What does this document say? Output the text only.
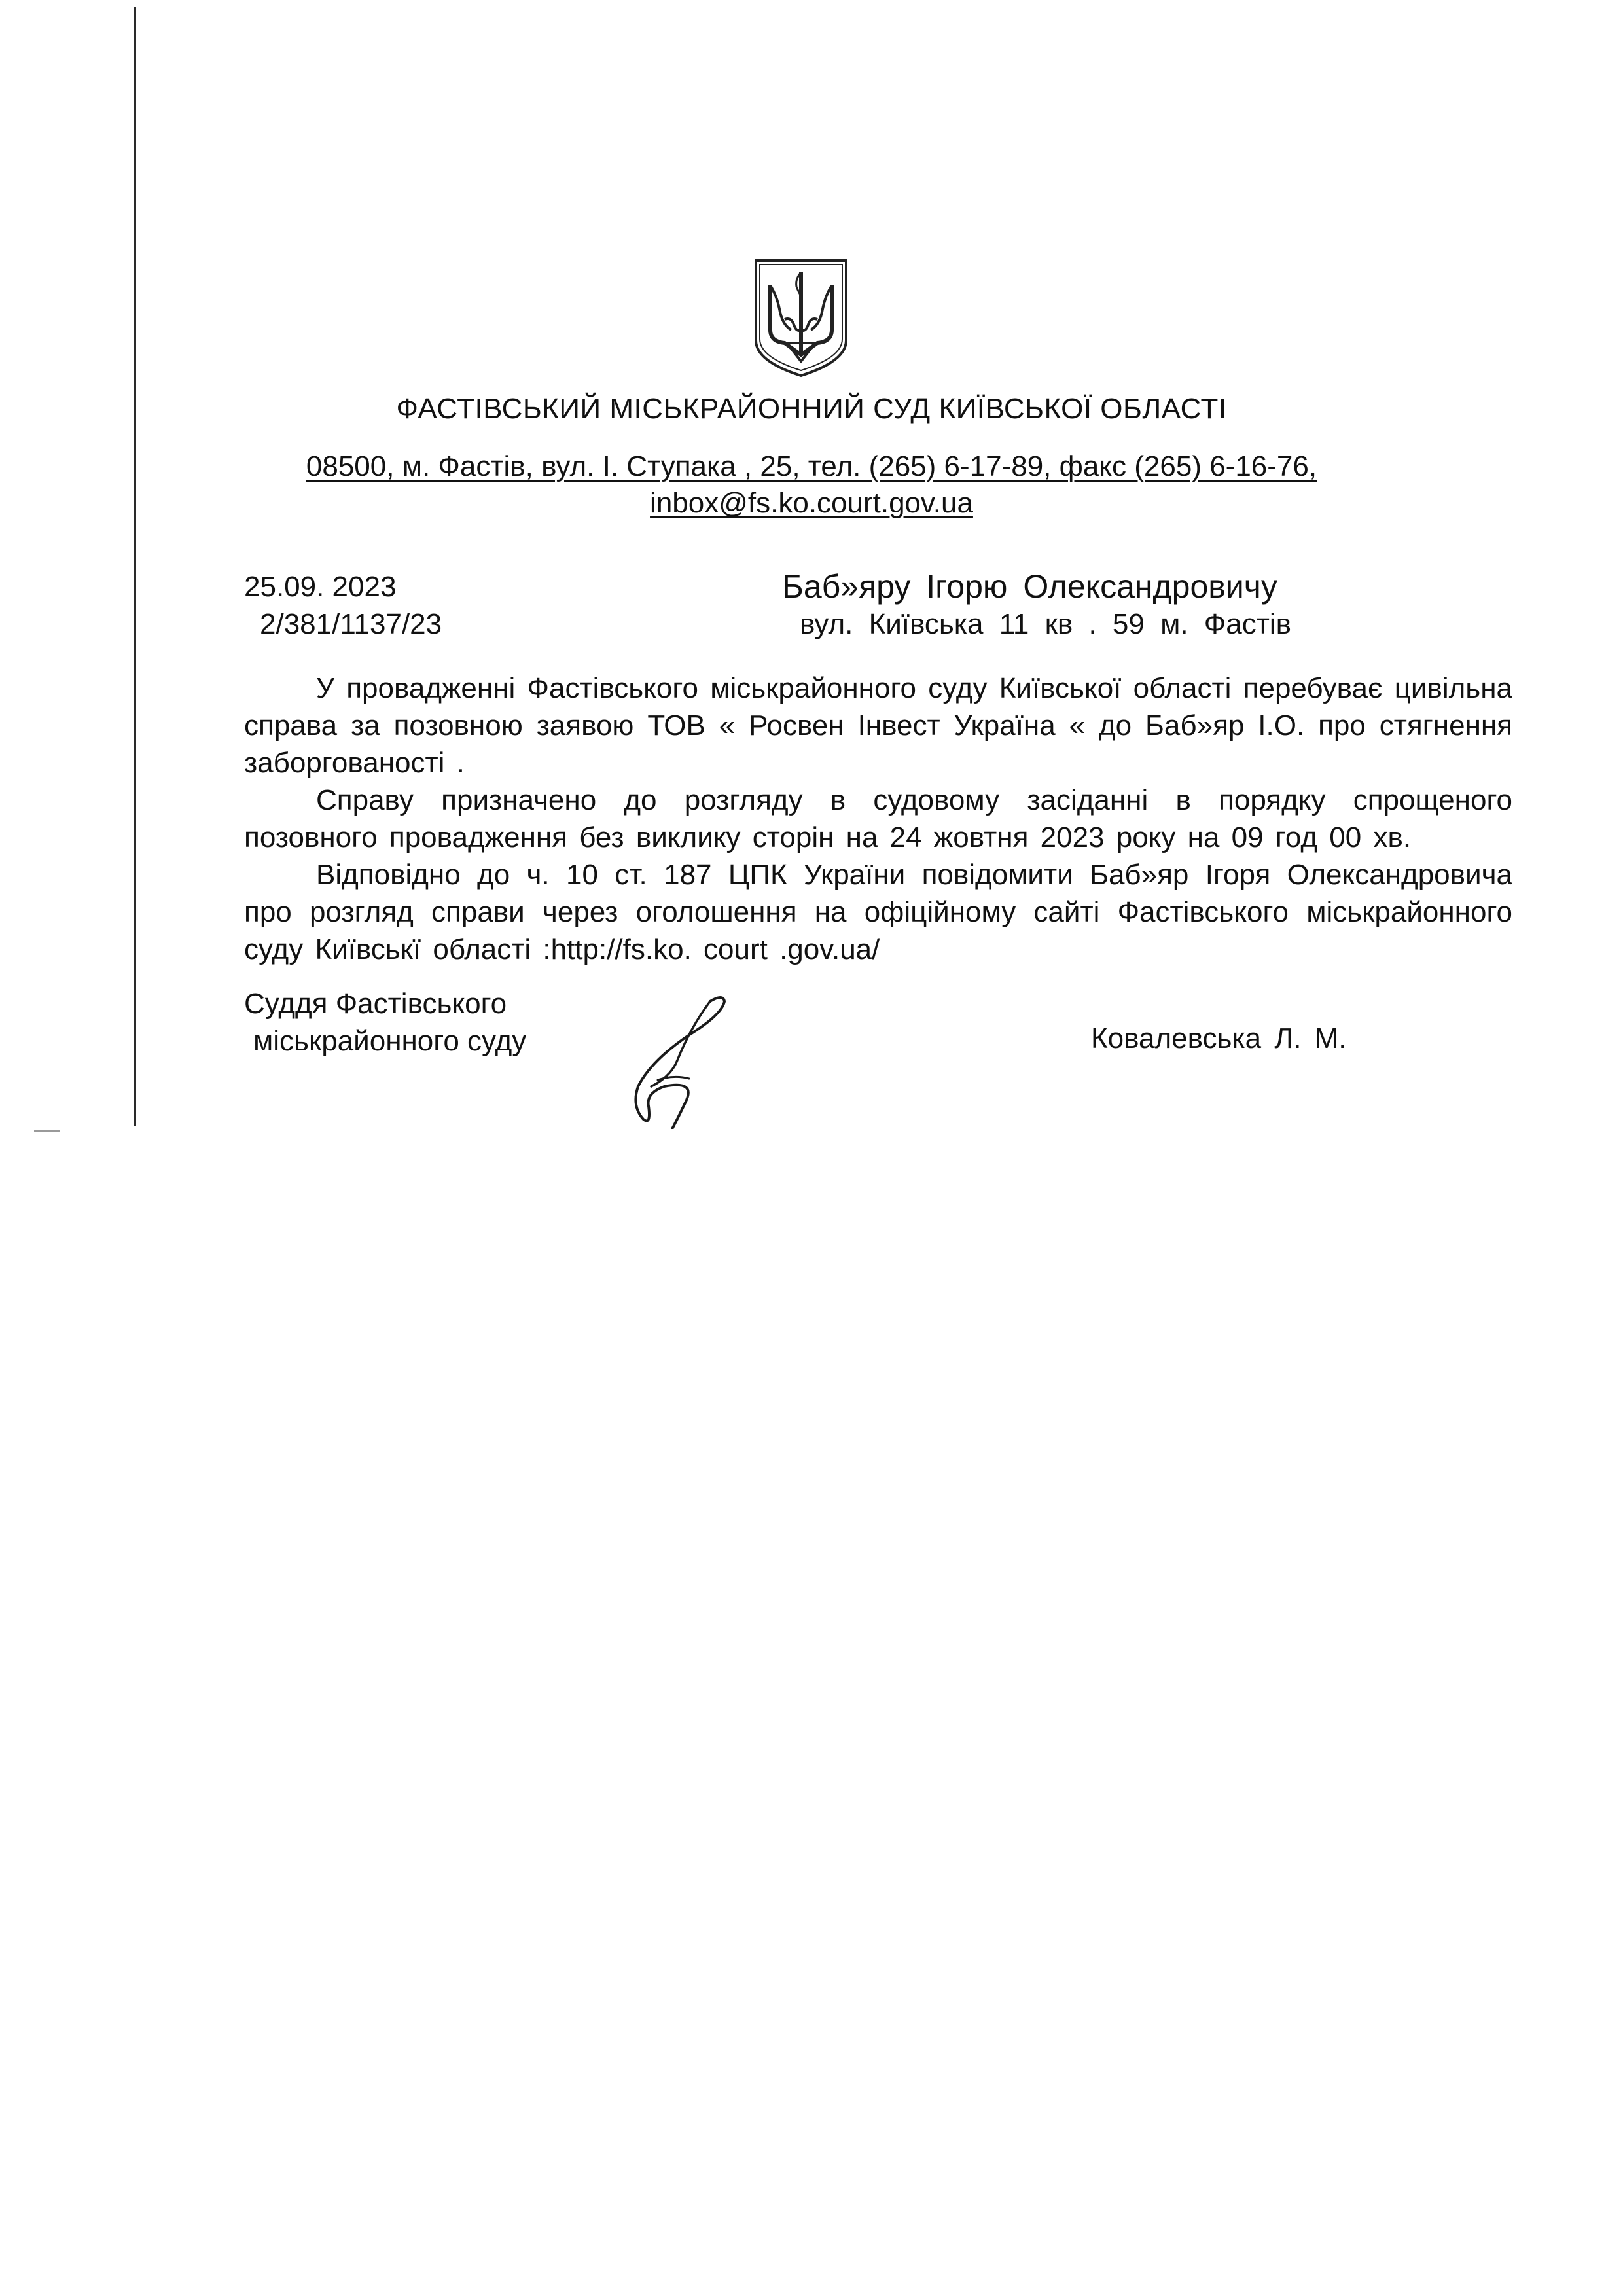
ФАСТІВСЬКИЙ МІСЬКРАЙОННИЙ СУД КИЇВСЬКОЇ ОБЛАСТІ
08500, м. Фастів, вул. І. Ступака , 25, тел. (265) 6-17-89, факс (265) 6-16-76,
inbox@fs.ko.court.gov.ua
25.09. 2023
2/381/1137/23
Баб»яру Ігорю Олександровичу
вул. Київська 11 кв . 59 м. Фастів

У провадженні Фастівського міськрайонного суду Київської області перебуває цивільна справа за позовною заявою ТОВ « Росвен Інвест Україна « до Баб»яр І.О. про стягнення заборгованості .

Справу призначено до розгляду в судовому засіданні в порядку спрощеного позовного провадження без виклику сторін на 24 жовтня 2023 року на 09 год 00 хв.

Відповідно до ч. 10 ст. 187 ЦПК України повідомити Баб»яр Ігоря Олександровича про розгляд справи через оголошення на офіційному сайті Фастівського міськрайонного суду Київськї області :http://fs.ko. court .gov.ua/

Суддя Фастівського
міськрайонного суду	Ковалевська Л. М.
